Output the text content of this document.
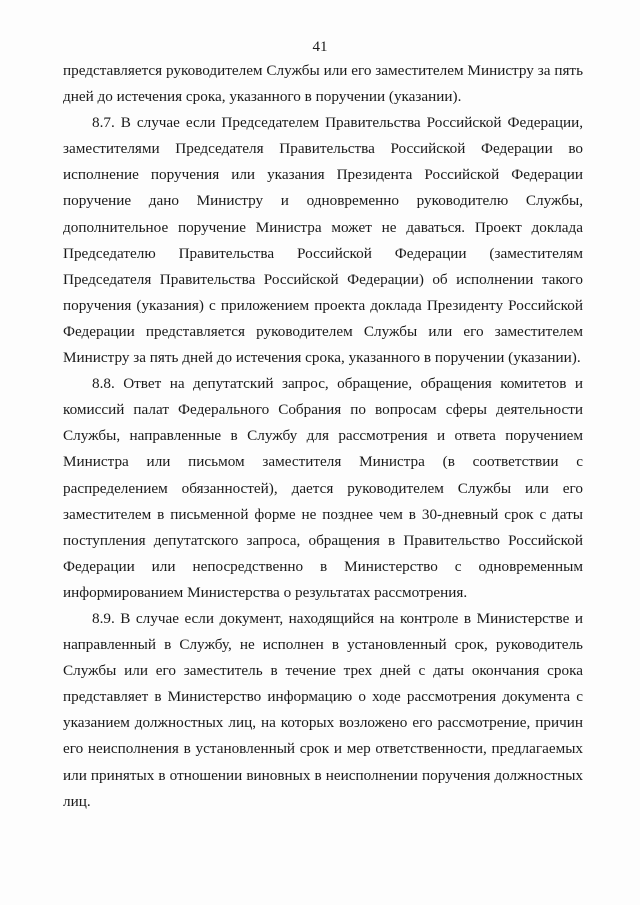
41

представляется руководителем Службы или его заместителем Министру за пять дней до истечения срока, указанного в поручении (указании).

8.7. В случае если Председателем Правительства Российской Федерации, заместителями Председателя Правительства Российской Федерации во исполнение поручения или указания Президента Российской Федерации поручение дано Министру и одновременно руководителю Службы, дополнительное поручение Министра может не даваться. Проект доклада Председателю Правительства Российской Федерации (заместителям Председателя Правительства Российской Федерации) об исполнении такого поручения (указания) с приложением проекта доклада Президенту Российской Федерации представляется руководителем Службы или его заместителем Министру за пять дней до истечения срока, указанного в поручении (указании).

8.8. Ответ на депутатский запрос, обращение, обращения комитетов и комиссий палат Федерального Собрания по вопросам сферы деятельности Службы, направленные в Службу для рассмотрения и ответа поручением Министра или письмом заместителя Министра (в соответствии с распределением обязанностей), дается руководителем Службы или его заместителем в письменной форме не позднее чем в 30-дневный срок с даты поступления депутатского запроса, обращения в Правительство Российской Федерации или непосредственно в Министерство с одновременным информированием Министерства о результатах рассмотрения.

8.9. В случае если документ, находящийся на контроле в Министерстве и направленный в Службу, не исполнен в установленный срок, руководитель Службы или его заместитель в течение трех дней с даты окончания срока представляет в Министерство информацию о ходе рассмотрения документа с указанием должностных лиц, на которых возложено его рассмотрение, причин его неисполнения в установленный срок и мер ответственности, предлагаемых или принятых в отношении виновных в неисполнении поручения должностных лиц.
